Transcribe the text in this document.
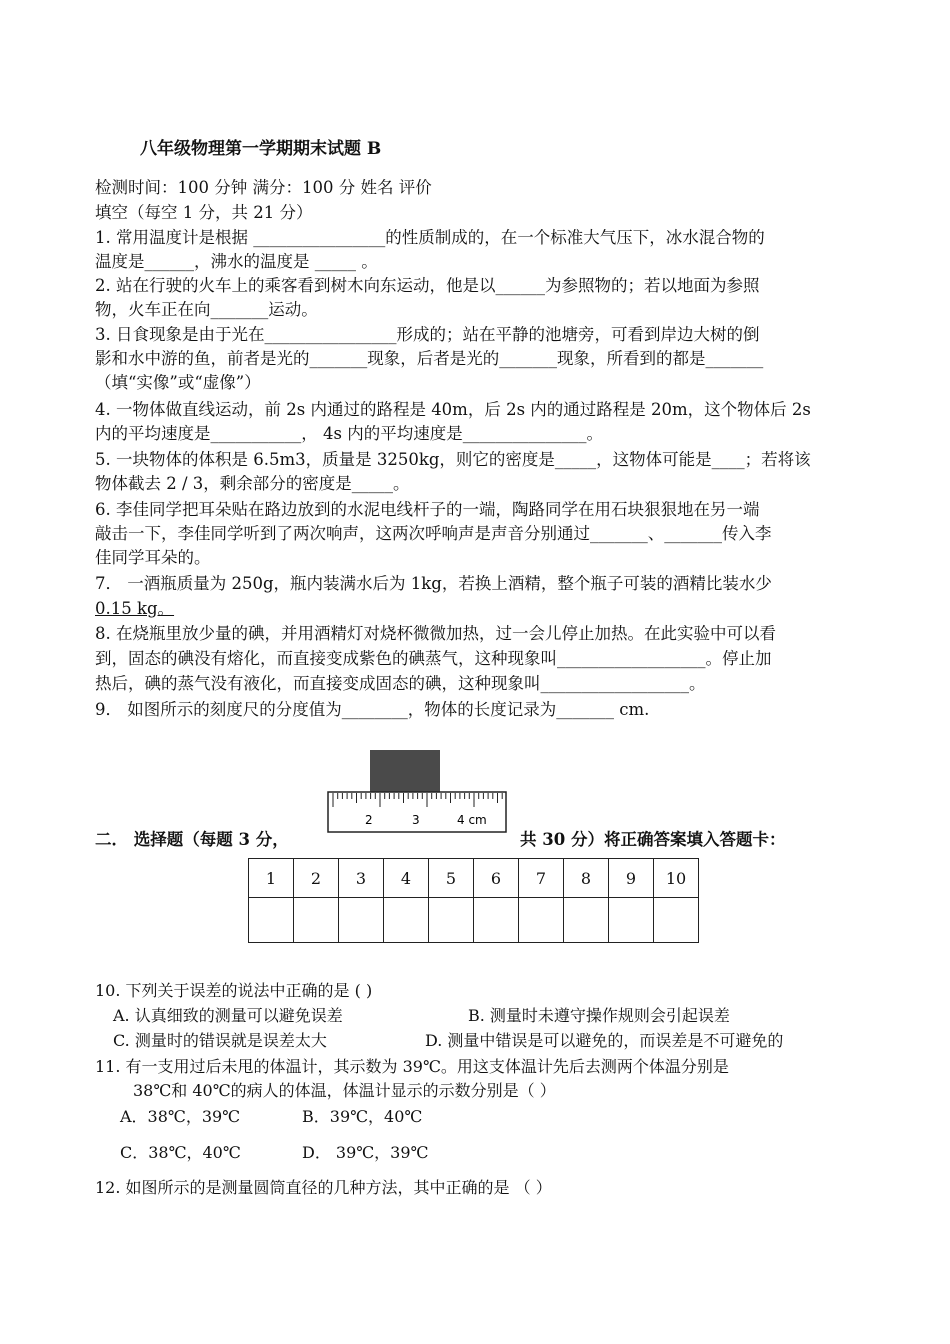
八年级物理第一学期期末试题 B
检测时间：100 分钟 满分：100 分 姓名 评价
填空（每空 1 分，共 21 分）
1. 常用温度计是根据 ________________的性质制成的，在一个标准大气压下，冰水混合物的
温度是______，沸水的温度是 _____ 。
2. 站在行驶的火车上的乘客看到树木向东运动，他是以______为参照物的；若以地面为参照
物，火车正在向_______运动。
3. 日食现象是由于光在________________形成的；站在平静的池塘旁，可看到岸边大树的倒
影和水中游的鱼，前者是光的_______现象，后者是光的_______现象，所看到的都是_______
（填“实像”或“虚像”）
4. 一物体做直线运动，前 2s 内通过的路程是 40m，后 2s 内的通过路程是 20m，这个物体后 2s
内的平均速度是___________， 4s 内的平均速度是_______________。
5. 一块物体的体积是 6.5m3，质量是 3250kg，则它的密度是_____，这物体可能是____；若将该
物体截去 2 / 3，剩余部分的密度是_____。
6. 李佳同学把耳朵贴在路边放到的水泥电线杆子的一端，陶路同学在用石块狠狠地在另一端
敲击一下，李佳同学听到了两次响声，这两次呼响声是声音分别通过_______、_______传入李
佳同学耳朵的。
7． 一酒瓶质量为 250g，瓶内装满水后为 1kg，若换上酒精，整个瓶子可装的酒精比装水少
0.15 kg。
8. 在烧瓶里放少量的碘，并用酒精灯对烧杯微微加热，过一会儿停止加热。在此实验中可以看
到，固态的碘没有熔化，而直接变成紫色的碘蒸气，这种现象叫__________________。停止加
热后，碘的蒸气没有液化，而直接变成固态的碘，这种现象叫__________________。
9． 如图所示的刻度尺的分度值为________，物体的长度记录为_______ cm.
2	3	4 cm
二． 选择题（每题 3 分，	共 30 分）将正确答案填入答题卡：
1	2	3	4	5	6	7	8	9	10

10. 下列关于误差的说法中正确的是 ( )
A. 认真细致的测量可以避免误差	B. 测量时未遵守操作规则会引起误差
C. 测量时的错误就是误差太大	D. 测量中错误是可以避免的，而误差是不可避免的
11. 有一支用过后未甩的体温计，其示数为 39℃。用这支体温计先后去测两个体温分别是
38℃和 40℃的病人的体温，体温计显示的示数分别是（ ）
A．38℃，39℃	B．39℃，40℃
C．38℃，40℃	D． 39℃，39℃
12. 如图所示的是测量圆筒直径的几种方法，其中正确的是 （ ）
